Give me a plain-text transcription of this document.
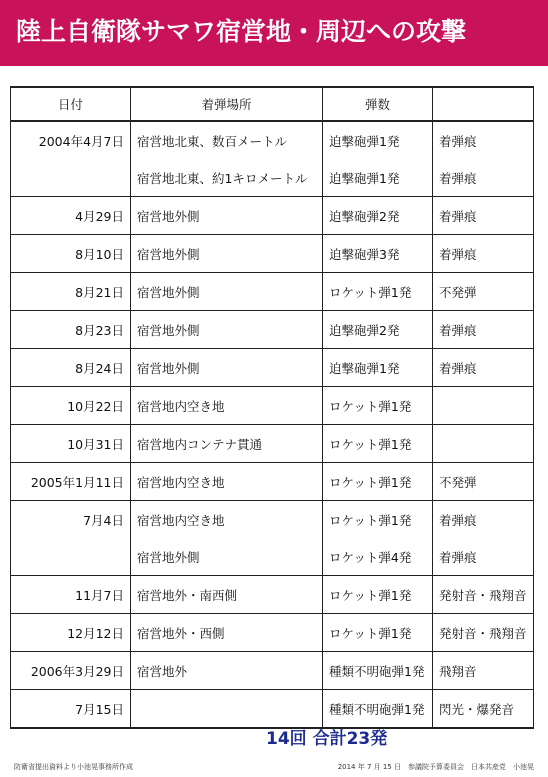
陸上自衛隊サマワ宿営地・周辺への攻撃
日付	着弾場所	弾数	
2004年4月7日	宿営地北東、数百メートル	迫撃砲弾1発	着弾痕
	宿営地北東、約1キロメートル	迫撃砲弾1発	着弾痕
4月29日	宿営地外側	迫撃砲弾2発	着弾痕
8月10日	宿営地外側	迫撃砲弾3発	着弾痕
8月21日	宿営地外側	ロケット弾1発	不発弾
8月23日	宿営地外側	迫撃砲弾2発	着弾痕
8月24日	宿営地外側	迫撃砲弾1発	着弾痕
10月22日	宿営地内空き地	ロケット弾1発	
10月31日	宿営地内コンテナ貫通	ロケット弾1発	
2005年1月11日	宿営地内空き地	ロケット弾1発	不発弾
7月4日	宿営地内空き地	ロケット弾1発	着弾痕
	宿営地外側	ロケット弾4発	着弾痕
11月7日	宿営地外・南西側	ロケット弾1発	発射音・飛翔音
12月12日	宿営地外・西側	ロケット弾1発	発射音・飛翔音
2006年3月29日	宿営地外	種類不明砲弾1発	飛翔音
7月15日		種類不明砲弾1発	閃光・爆発音
14回 合計23発
防衛省提出資料より小池晃事務所作成	2014 年 7 月 15 日　参議院予算委員会　日本共産党　小池晃
